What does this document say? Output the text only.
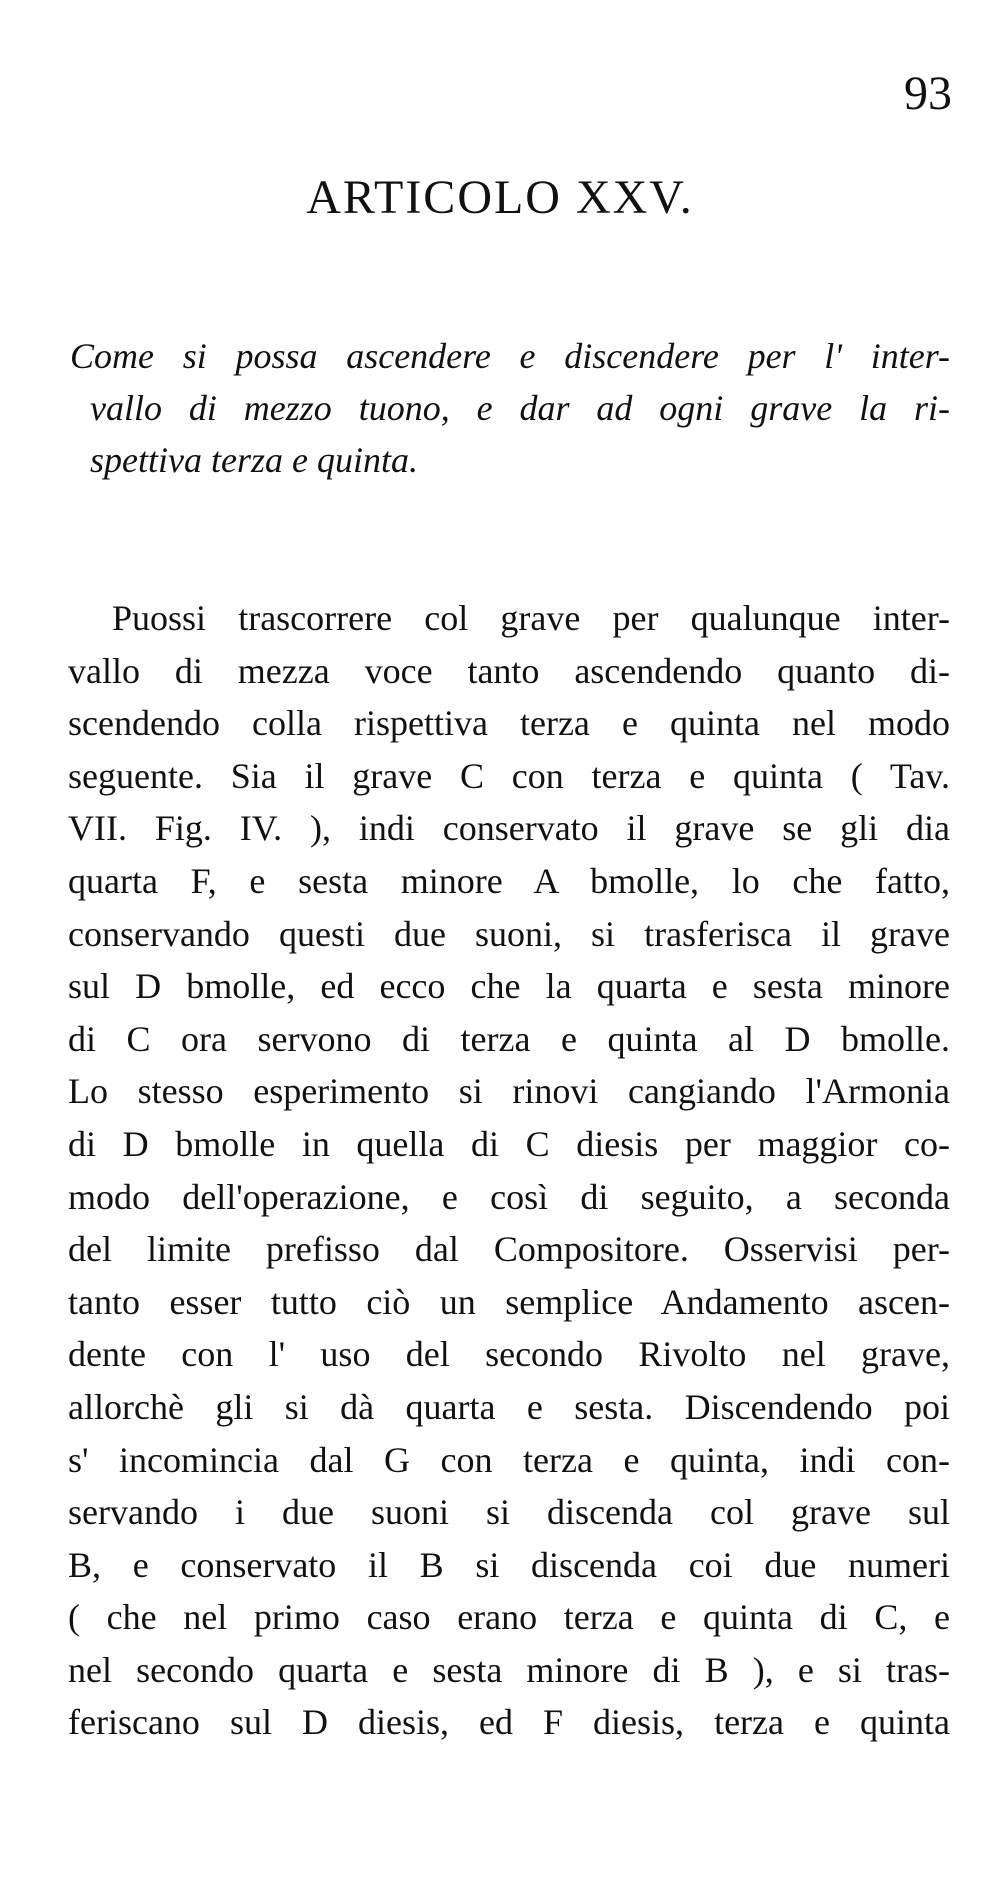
93
ARTICOLO XXV.
Come si possa ascendere e discendere per l' inter-
vallo di mezzo tuono, e dar ad ogni grave la ri-
spettiva terza e quinta.
Puossi trascorrere col grave per qualunque inter-
vallo di mezza voce tanto ascendendo quanto di-
scendendo colla rispettiva terza e quinta nel modo
seguente. Sia il grave C con terza e quinta ( Tav.
VII. Fig. IV. ), indi conservato il grave se gli dia
quarta F, e sesta minore A bmolle, lo che fatto,
conservando questi due suoni, si trasferisca il grave
sul D bmolle, ed ecco che la quarta e sesta minore
di C ora servono di terza e quinta al D bmolle.
Lo stesso esperimento si rinovi cangiando l'Armonia
di D bmolle in quella di C diesis per maggior co-
modo dell'operazione, e così di seguito, a seconda
del limite prefisso dal Compositore. Osservisi per-
tanto esser tutto ciò un semplice Andamento ascen-
dente con l' uso del secondo Rivolto nel grave,
allorchè gli si dà quarta e sesta. Discendendo poi
s' incomincia dal G con terza e quinta, indi con-
servando i due suoni si discenda col grave sul
B, e conservato il B si discenda coi due numeri
( che nel primo caso erano terza e quinta di C, e
nel secondo quarta e sesta minore di B ), e si tras-
feriscano sul D diesis, ed F diesis, terza e quinta
